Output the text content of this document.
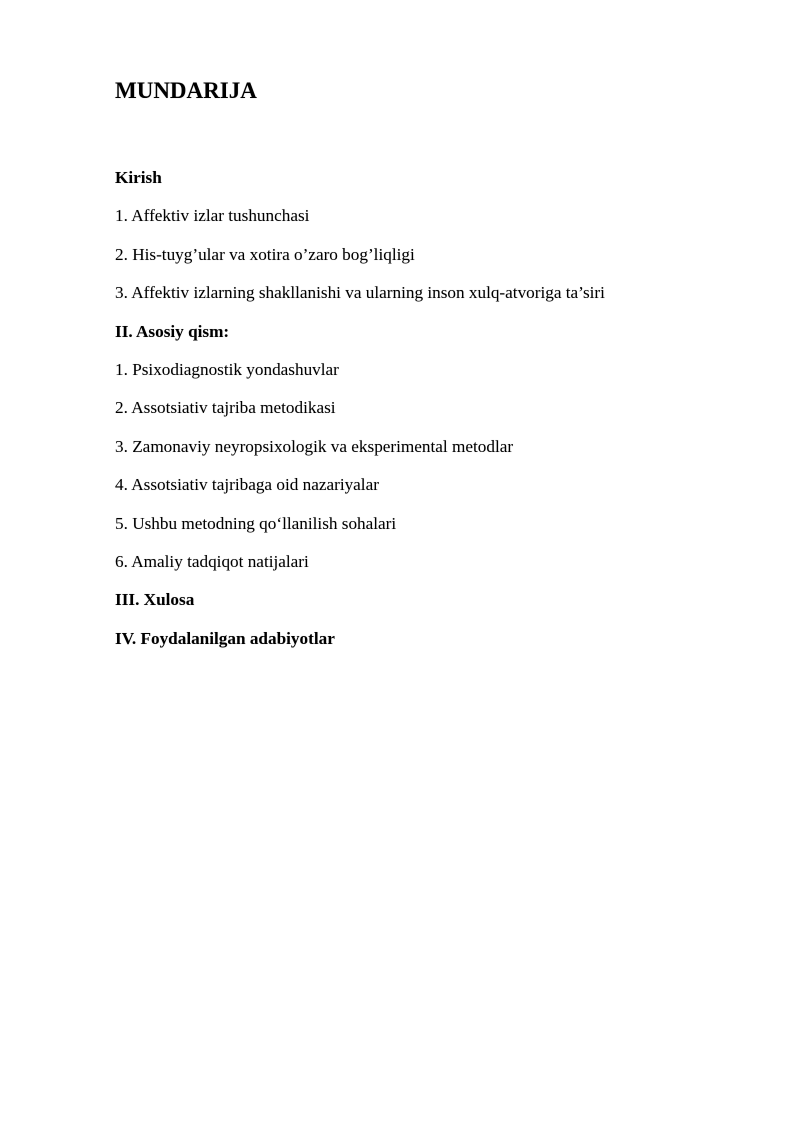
MUNDARIJA
Kirish
1. Affektiv izlar tushunchasi
2. His-tuyg’ular va xotira o’zaro bog’liqligi
3. Affektiv izlarning shakllanishi va ularning inson xulq-atvoriga ta’siri
II. Asosiy qism:
1. Psixodiagnostik yondashuvlar
2. Assotsiativ tajriba metodikasi
3. Zamonaviy neyropsixologik va eksperimental metodlar
4. Assotsiativ tajribaga oid nazariyalar
5. Ushbu metodning qo‘llanilish sohalari
6. Amaliy tadqiqot natijalari
III. Xulosa
IV. Foydalanilgan adabiyotlar
